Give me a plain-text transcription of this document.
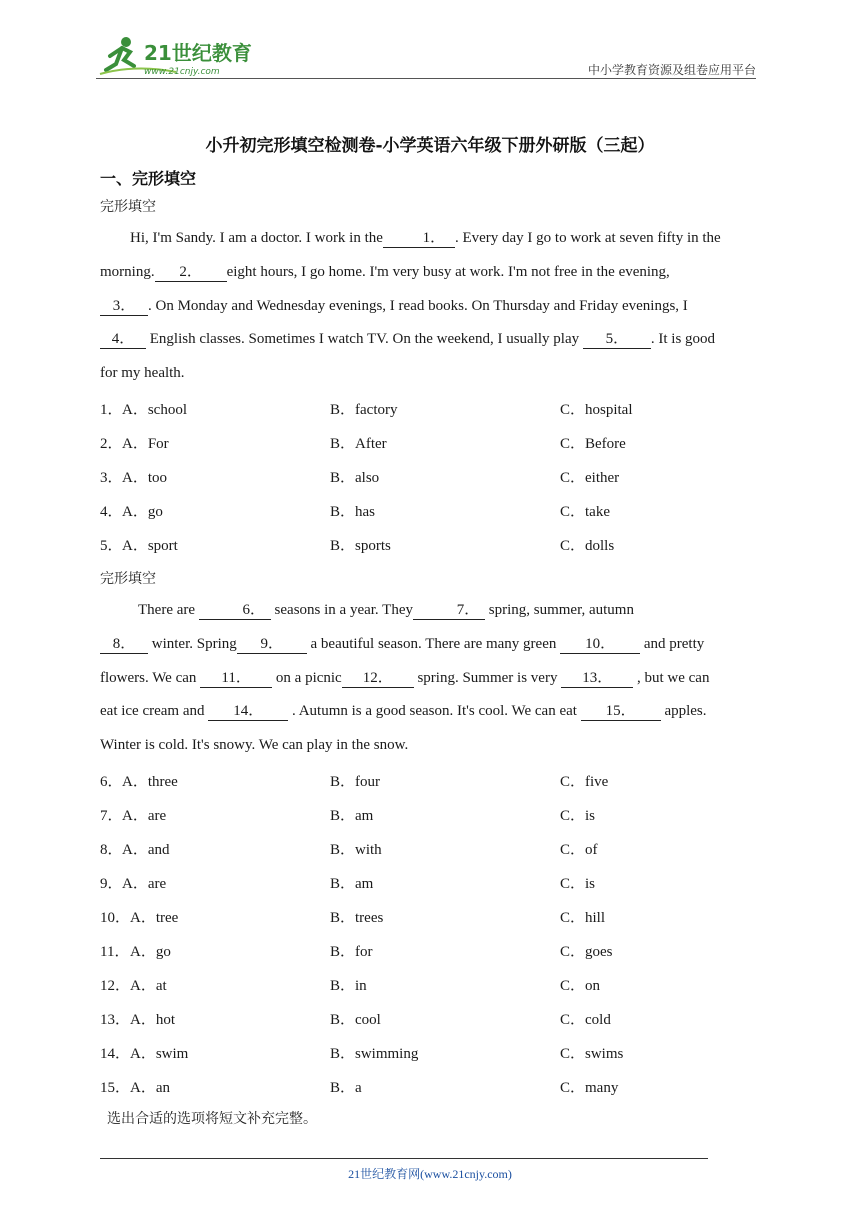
21世纪教育
www.21cnjy.com	中小学教育资源及组卷应用平台
小升初完形填空检测卷-小学英语六年级下册外研版（三起）
一、完形填空
完形填空
Hi, I'm Sandy. I am a doctor. I work in the	1． . Every day I go to work at seven fifty in the
morning. 2． eight hours, I go home. I'm very busy at work. I'm not free in the evening,
3． . On Monday and Wednesday evenings, I read books. On Thursday and Friday evenings, I
4． English classes. Sometimes I watch TV. On the weekend, I usually play 5． . It is good
for my health.
1． A．school	B．factory	C．hospital
2． A．For	B．After	C．Before
3． A．too	B．also	C．either
4． A．go	B．has	C．take
5． A．sport	B．sports	C．dolls
完形填空
There are	6． seasons in a year. They	7． spring, summer, autumn
8． winter. Spring 9． a beautiful season. There are many green 10． and pretty
flowers. We can 11． on a picnic 12． spring. Summer is very 13． , but we can
eat ice cream and 14． . Autumn is a good season. It's cool. We can eat 15． apples.
Winter is cold. It's snowy. We can play in the snow.
6． A．three	B．four	C．five
7． A．are	B．am	C．is
8． A．and	B．with	C．of
9． A．are	B．am	C．is
10． A．tree	B．trees	C．hill
11． A．go	B．for	C．goes
12． A．at	B．in	C．on
13． A．hot	B．cool	C．cold
14． A．swim	B．swimming	C．swims
15． A．an	B．a	C．many
选出合适的选项将短文补充完整。
21世纪教育网(www.21cnjy.com)
